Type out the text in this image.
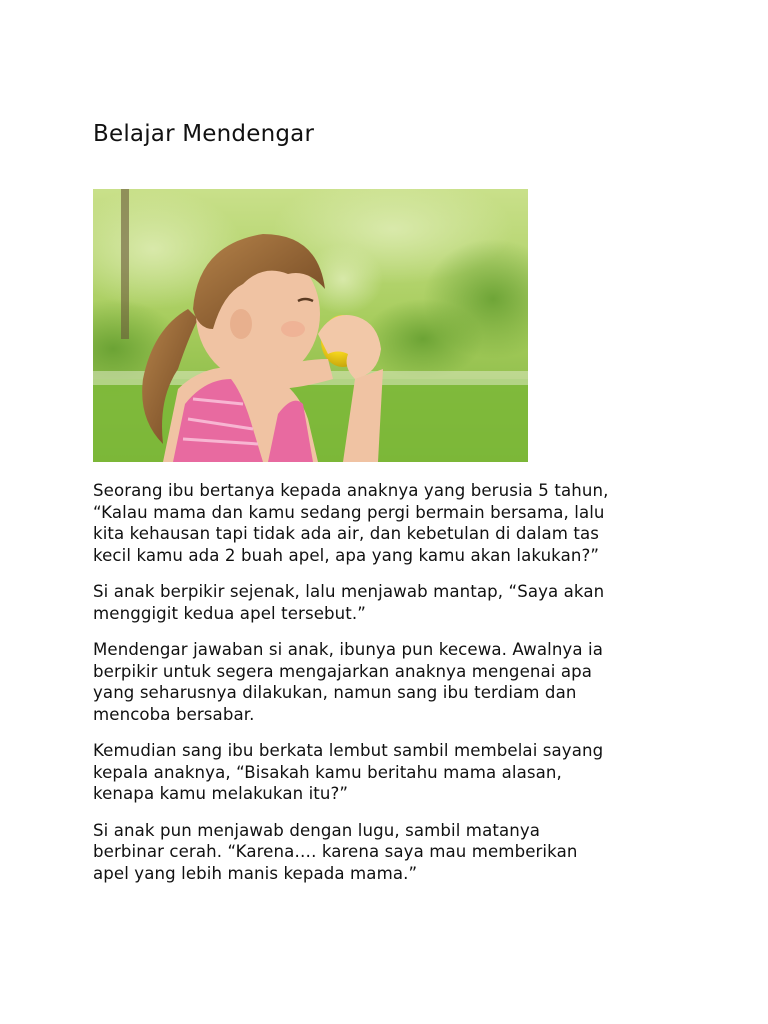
Belajar Mendengar

Seorang ibu bertanya kepada anaknya yang berusia 5 tahun,
“Kalau mama dan kamu sedang pergi bermain bersama, lalu
kita kehausan tapi tidak ada air, dan kebetulan di dalam tas
kecil kamu ada 2 buah apel, apa yang kamu akan lakukan?”

Si anak berpikir sejenak, lalu menjawab mantap, “Saya akan
menggigit kedua apel tersebut.”

Mendengar jawaban si anak, ibunya pun kecewa. Awalnya ia
berpikir untuk segera mengajarkan anaknya mengenai apa
yang seharusnya dilakukan, namun sang ibu terdiam dan
mencoba bersabar.

Kemudian sang ibu berkata lembut sambil membelai sayang
kepala anaknya, “Bisakah kamu beritahu mama alasan,
kenapa kamu melakukan itu?”

Si anak pun menjawab dengan lugu, sambil matanya
berbinar cerah. “Karena…. karena saya mau memberikan
apel yang lebih manis kepada mama.”
